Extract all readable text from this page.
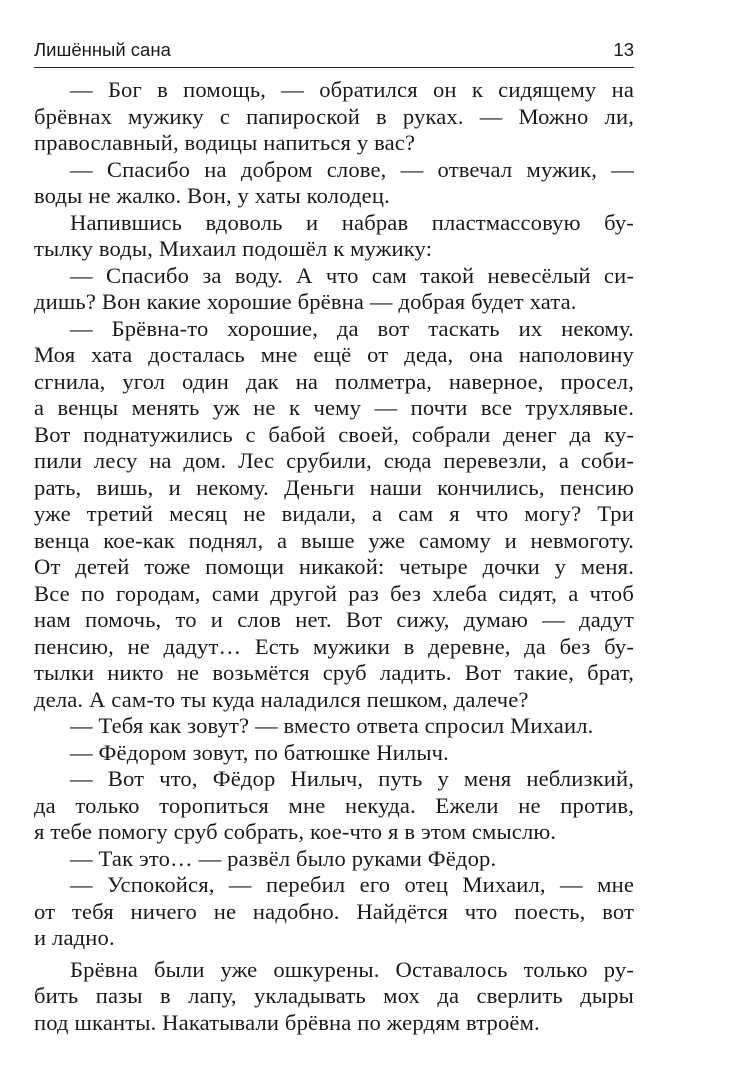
Лишённый сана	13
— Бог в помощь, — обратился он к сидящему на
брёвнах мужику с папироской в руках. — Можно ли,
православный, водицы напиться у вас?
— Спасибо на добром слове, — отвечал мужик, —
воды не жалко. Вон, у хаты колодец.
Напившись вдоволь и набрав пластмассовую бу-
тылку воды, Михаил подошёл к мужику:
— Спасибо за воду. А что сам такой невесёлый си-
дишь? Вон какие хорошие брёвна — добрая будет хата.
— Брёвна-то хорошие, да вот таскать их некому.
Моя хата досталась мне ещё от деда, она наполовину
сгнила, угол один дак на полметра, наверное, просел,
а венцы менять уж не к чему — почти все трухлявые.
Вот поднатужились с бабой своей, собрали денег да ку-
пили лесу на дом. Лес срубили, сюда перевезли, а соби-
рать, вишь, и некому. Деньги наши кончились, пенсию
уже третий месяц не видали, а сам я что могу? Три
венца кое-как поднял, а выше уже самому и невмоготу.
От детей тоже помощи никакой: четыре дочки у меня.
Все по городам, сами другой раз без хлеба сидят, а чтоб
нам помочь, то и слов нет. Вот сижу, думаю — дадут
пенсию, не дадут… Есть мужики в деревне, да без бу-
тылки никто не возьмётся сруб ладить. Вот такие, брат,
дела. А сам-то ты куда наладился пешком, далече?
— Тебя как зовут? — вместо ответа спросил Михаил.
— Фёдором зовут, по батюшке Нилыч.
— Вот что, Фёдор Нилыч, путь у меня неблизкий,
да только торопиться мне некуда. Ежели не против,
я тебе помогу сруб собрать, кое-что я в этом смыслю.
— Так это… — развёл было руками Фёдор.
— Успокойся, — перебил его отец Михаил, — мне
от тебя ничего не надобно. Найдётся что поесть, вот
и ладно.
Брёвна были уже ошкурены. Оставалось только ру-
бить пазы в лапу, укладывать мох да сверлить дыры
под шканты. Накатывали брёвна по жердям втроём.
